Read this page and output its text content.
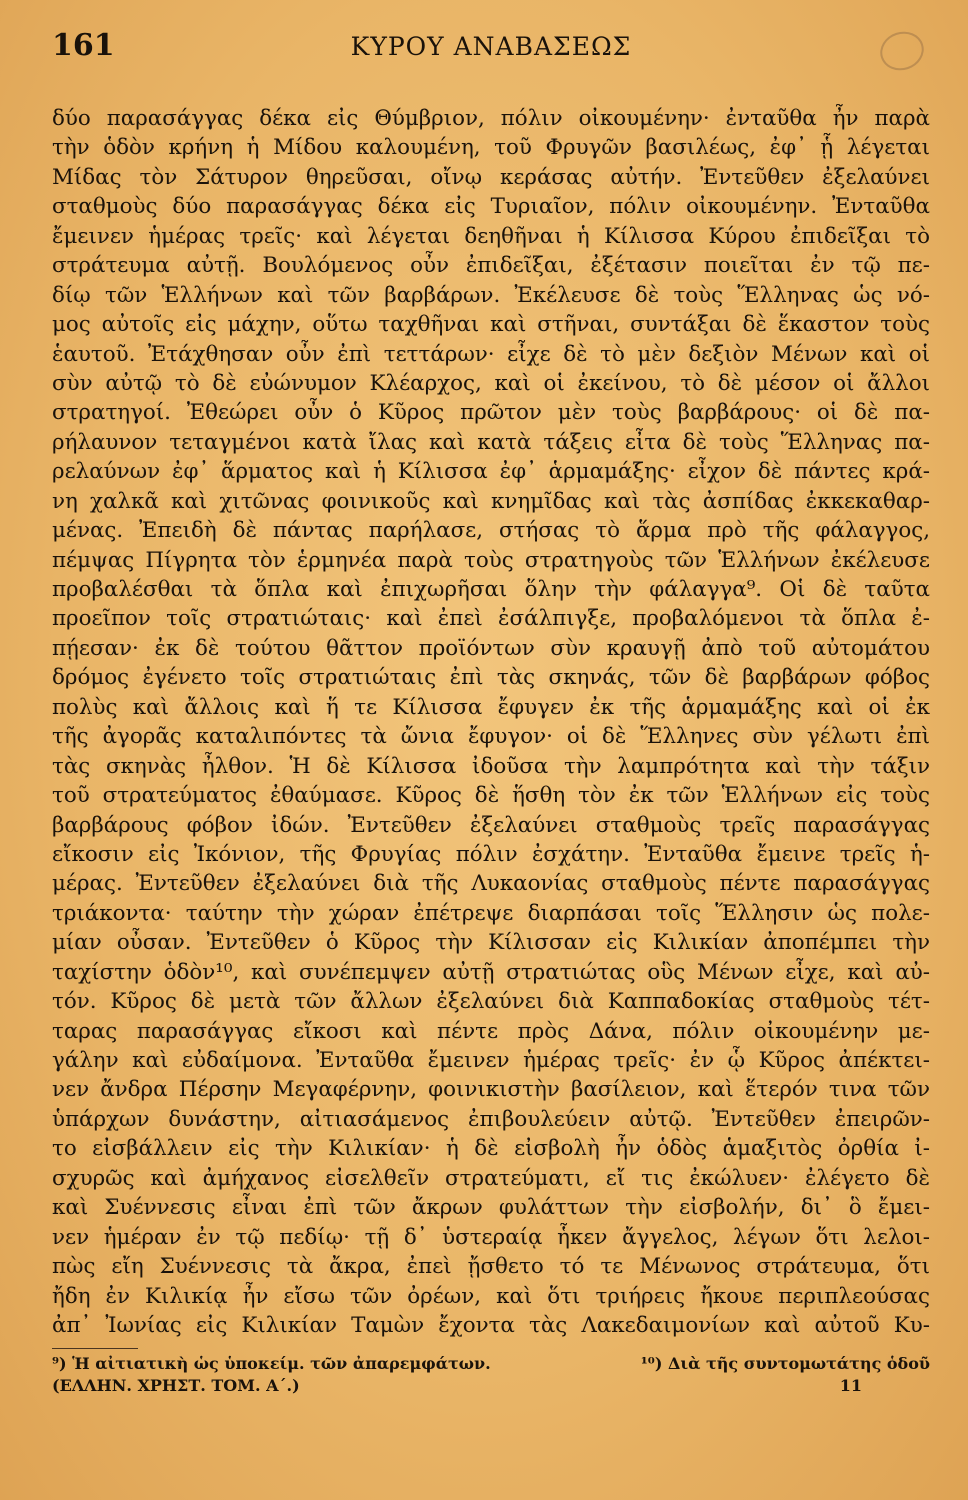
161	ΚΥΡΟΥ ΑΝΑΒΑΣΕΩΣ
δύο παρασάγγας δέκα εἰς Θύμβριον, πόλιν οἰκουμένην· ἐνταῦθα ἦν παρὰ
τὴν ὁδὸν κρήνη ἡ Μίδου καλουμένη, τοῦ Φρυγῶν βασιλέως, ἐφ᾽ ᾗ λέγεται
Μίδας τὸν Σάτυρον θηρεῦσαι, οἴνῳ κεράσας αὐτήν. Ἐντεῦθεν ἐξελαύνει
σταθμοὺς δύο παρασάγγας δέκα εἰς Τυριαῖον, πόλιν οἰκουμένην. Ἐνταῦθα
ἔμεινεν ἡμέρας τρεῖς· καὶ λέγεται δεηθῆναι ἡ Κίλισσα Κύρου ἐπιδεῖξαι τὸ
στράτευμα αὐτῇ. Βουλόμενος οὖν ἐπιδεῖξαι, ἐξέτασιν ποιεῖται ἐν τῷ πε-
δίῳ τῶν Ἑλλήνων καὶ τῶν βαρβάρων. Ἐκέλευσε δὲ τοὺς Ἕλληνας ὡς νό-
μος αὐτοῖς εἰς μάχην, οὕτω ταχθῆναι καὶ στῆναι, συντάξαι δὲ ἕκαστον τοὺς
ἑαυτοῦ. Ἐτάχθησαν οὖν ἐπὶ τεττάρων· εἶχε δὲ τὸ μὲν δεξιὸν Μένων καὶ οἱ
σὺν αὐτῷ τὸ δὲ εὐώνυμον Κλέαρχος, καὶ οἱ ἐκείνου, τὸ δὲ μέσον οἱ ἄλλοι
στρατηγοί. Ἐθεώρει οὖν ὁ Κῦρος πρῶτον μὲν τοὺς βαρβάρους· οἱ δὲ πα-
ρήλαυνον τεταγμένοι κατὰ ἴλας καὶ κατὰ τάξεις εἶτα δὲ τοὺς Ἕλληνας πα-
ρελαύνων ἐφ᾽ ἅρματος καὶ ἡ Κίλισσα ἐφ᾽ ἁρμαμάξης· εἶχον δὲ πάντες κρά-
νη χαλκᾶ καὶ χιτῶνας φοινικοῦς καὶ κνημῖδας καὶ τὰς ἀσπίδας ἐκκεκαθαρ-
μένας. Ἐπειδὴ δὲ πάντας παρήλασε, στήσας τὸ ἅρμα πρὸ τῆς φάλαγγος,
πέμψας Πίγρητα τὸν ἑρμηνέα παρὰ τοὺς στρατηγοὺς τῶν Ἑλλήνων ἐκέλευσε
προβαλέσθαι τὰ ὅπλα καὶ ἐπιχωρῆσαι ὅλην τὴν φάλαγγα⁹. Οἱ δὲ ταῦτα
προεῖπον τοῖς στρατιώταις· καὶ ἐπεὶ ἐσάλπιγξε, προβαλόμενοι τὰ ὅπλα ἐ-
πῄεσαν· ἐκ δὲ τούτου θᾶττον προϊόντων σὺν κραυγῇ ἀπὸ τοῦ αὐτομάτου
δρόμος ἐγένετο τοῖς στρατιώταις ἐπὶ τὰς σκηνάς, τῶν δὲ βαρβάρων φόβος
πολὺς καὶ ἄλλοις καὶ ἥ τε Κίλισσα ἔφυγεν ἐκ τῆς ἁρμαμάξης καὶ οἱ ἐκ
τῆς ἀγορᾶς καταλιπόντες τὰ ὤνια ἔφυγον· οἱ δὲ Ἕλληνες σὺν γέλωτι ἐπὶ
τὰς σκηνὰς ἦλθον. Ἡ δὲ Κίλισσα ἰδοῦσα τὴν λαμπρότητα καὶ τὴν τάξιν
τοῦ στρατεύματος ἐθαύμασε. Κῦρος δὲ ἥσθη τὸν ἐκ τῶν Ἑλλήνων εἰς τοὺς
βαρβάρους φόβον ἰδών. Ἐντεῦθεν ἐξελαύνει σταθμοὺς τρεῖς παρασάγγας
εἴκοσιν εἰς Ἰκόνιον, τῆς Φρυγίας πόλιν ἐσχάτην. Ἐνταῦθα ἔμεινε τρεῖς ἡ-
μέρας. Ἐντεῦθεν ἐξελαύνει διὰ τῆς Λυκαονίας σταθμοὺς πέντε παρασάγγας
τριάκοντα· ταύτην τὴν χώραν ἐπέτρεψε διαρπάσαι τοῖς Ἕλλησιν ὡς πολε-
μίαν οὖσαν. Ἐντεῦθεν ὁ Κῦρος τὴν Κίλισσαν εἰς Κιλικίαν ἀποπέμπει τὴν
ταχίστην ὁδὸν¹⁰, καὶ συνέπεμψεν αὐτῇ στρατιώτας οὓς Μένων εἶχε, καὶ αὐ-
τόν. Κῦρος δὲ μετὰ τῶν ἄλλων ἐξελαύνει διὰ Καππαδοκίας σταθμοὺς τέτ-
ταρας παρασάγγας εἴκοσι καὶ πέντε πρὸς Δάνα, πόλιν οἰκουμένην με-
γάλην καὶ εὐδαίμονα. Ἐνταῦθα ἔμεινεν ἡμέρας τρεῖς· ἐν ᾧ Κῦρος ἀπέκτει-
νεν ἄνδρα Πέρσην Μεγαφέρνην, φοινικιστὴν βασίλειον, καὶ ἕτερόν τινα τῶν
ὑπάρχων δυνάστην, αἰτιασάμενος ἐπιβουλεύειν αὐτῷ. Ἐντεῦθεν ἐπειρῶν-
το εἰσβάλλειν εἰς τὴν Κιλικίαν· ἡ δὲ εἰσβολὴ ἦν ὁδὸς ἁμαξιτὸς ὀρθία ἰ-
σχυρῶς καὶ ἀμήχανος εἰσελθεῖν στρατεύματι, εἴ τις ἐκώλυεν· ἐλέγετο δὲ
καὶ Συέννεσις εἶναι ἐπὶ τῶν ἄκρων φυλάττων τὴν εἰσβολήν, δι᾽ ὃ ἔμει-
νεν ἡμέραν ἐν τῷ πεδίῳ· τῇ δ᾽ ὑστεραίᾳ ἧκεν ἄγγελος, λέγων ὅτι λελοι-
πὼς εἴη Συέννεσις τὰ ἄκρα, ἐπεὶ ᾔσθετο τό τε Μένωνος στράτευμα, ὅτι
ἤδη ἐν Κιλικίᾳ ἦν εἴσω τῶν ὀρέων, καὶ ὅτι τριήρεις ἤκουε περιπλεούσας
ἀπ᾽ Ἰωνίας εἰς Κιλικίαν Ταμὼν ἔχοντα τὰς Λακεδαιμονίων καὶ αὐτοῦ Κυ-
⁹) Ἡ αἰτιατικὴ ὡς ὑποκείμ. τῶν ἀπαρεμφάτων.	¹⁰) Διὰ τῆς συντομωτάτης ὁδοῦ
(ΕΛΛΗΝ. ΧΡΗΣΤ. ΤΟΜ. Α΄.)	11
